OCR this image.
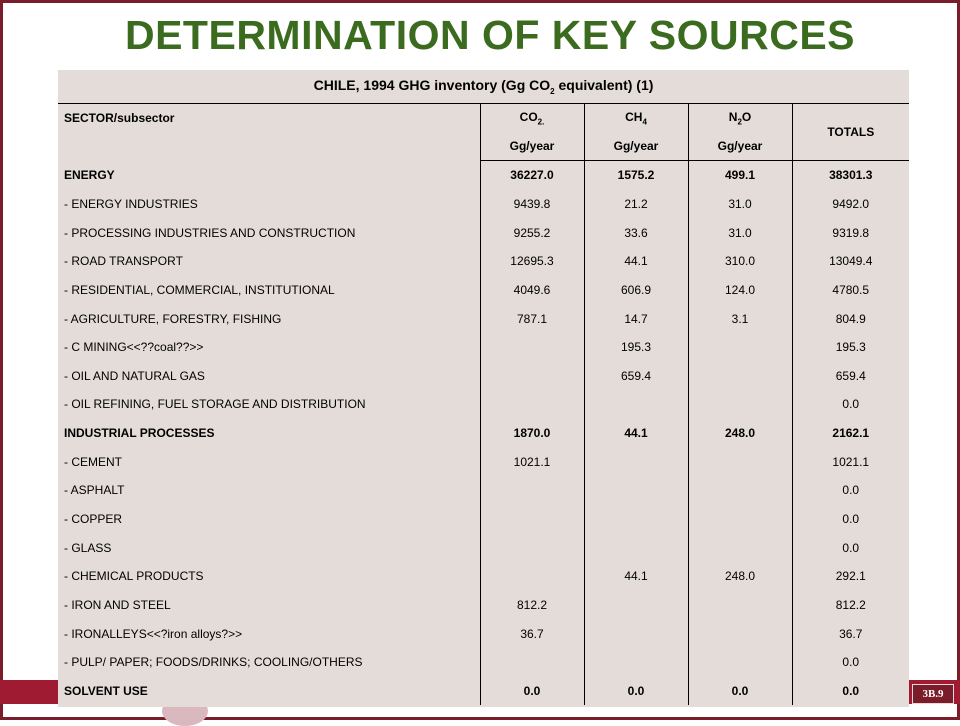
3B.9
DETERMINATION OF KEY SOURCES
CHILE, 1994 GHG inventory (Gg $CO_2$ equivalent) (1)				
SECTOR/subsector	$CO_{2.}$	$CH_4$	$N_2O$	TOTALS
	Gg/year	Gg/year	Gg/year	
ENERGY	36227.0	1575.2	499.1	38301.3
- ENERGY INDUSTRIES	9439.8	21.2	31.0	9492.0
- PROCESSING INDUSTRIES AND CONSTRUCTION	9255.2	33.6	31.0	9319.8
- ROAD TRANSPORT	12695.3	44.1	310.0	13049.4
- RESIDENTIAL, COMMERCIAL, INSTITUTIONAL	4049.6	606.9	124.0	4780.5
- AGRICULTURE, FORESTRY, FISHING	787.1	14.7	3.1	804.9
- C MINING<<??coal??>>		195.3		195.3
- OIL AND NATURAL GAS		659.4		659.4
- OIL REFINING, FUEL STORAGE AND DISTRIBUTION				0.0
INDUSTRIAL PROCESSES	1870.0	44.1	248.0	2162.1
- CEMENT	1021.1			1021.1
- ASPHALT				0.0
- COPPER				0.0
- GLASS				0.0
- CHEMICAL PRODUCTS		44.1	248.0	292.1
- IRON AND STEEL	812.2			812.2
- IRONALLEYS<<?iron alloys?>>	36.7			36.7
- PULP/ PAPER; FOODS/DRINKS; COOLING/OTHERS				0.0
SOLVENT USE	0.0	0.0	0.0	0.0
